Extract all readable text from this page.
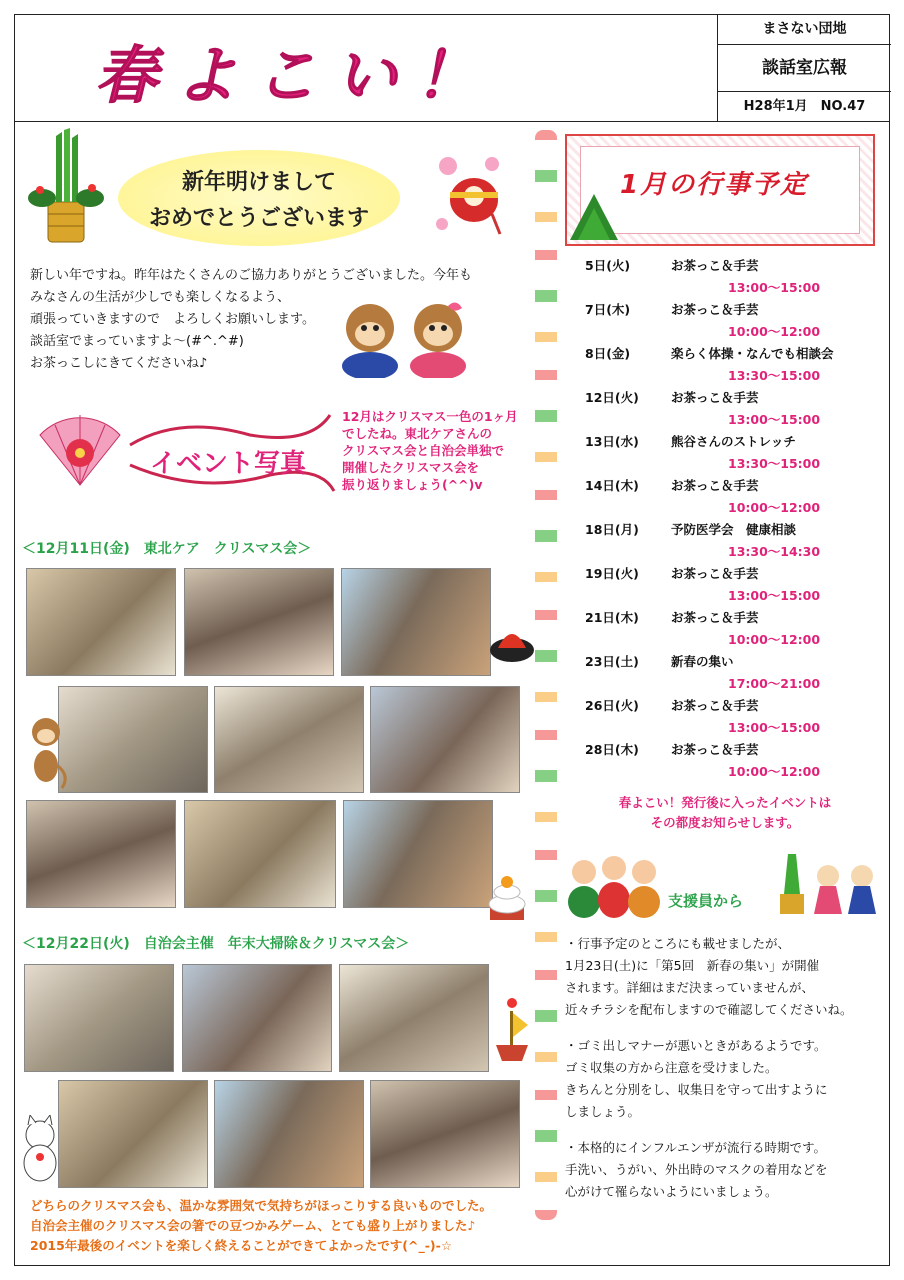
春よこい！
まさない団地
談話室広報
H28年1月　NO.47
新年明けまして
おめでとうございます
新しい年ですね。昨年はたくさんのご協力ありがとうございました。今年も
みなさんの生活が少しでも楽しくなるよう、
頑張っていきますので　よろしくお願いします。
談話室でまっていますよ～(#^.^#)
お茶っこしにきてくださいね♪
イベント写真
12月はクリスマス一色の1ヶ月
でしたね。東北ケアさんの
クリスマス会と自治会単独で
開催したクリスマス会を
振り返りましょう(^^)v
＜12月11日(金)　東北ケア　クリスマス会＞
＜12月22日(火)　自治会主催　年末大掃除＆クリスマス会＞
どちらのクリスマス会も、温かな雰囲気で気持ちがほっこりする良いものでした。
自治会主催のクリスマス会の箸での豆つかみゲーム、とても盛り上がりました♪
2015年最後のイベントを楽しく終えることができてよかったです(^_-)-☆
1月の行事予定
5日(火)	お茶っこ＆手芸
13:00～15:00
7日(木)	お茶っこ＆手芸
10:00～12:00
8日(金)	楽らく体操・なんでも相談会
13:30～15:00
12日(火)	お茶っこ＆手芸
13:00～15:00
13日(水)	熊谷さんのストレッチ
13:30～15:00
14日(木)	お茶っこ＆手芸
10:00～12:00
18日(月)	予防医学会　健康相談
13:30～14:30
19日(火)	お茶っこ＆手芸
13:00～15:00
21日(木)	お茶っこ＆手芸
10:00～12:00
23日(土)	新春の集い
17:00～21:00
26日(火)	お茶っこ＆手芸
13:00～15:00
28日(木)	お茶っこ＆手芸
10:00～12:00
春よこい！発行後に入ったイベントは
その都度お知らせします。
支援員から
・行事予定のところにも載せましたが、
1月23日(土)に「第5回　新春の集い」が開催
されます。詳細はまだ決まっていませんが、
近々チラシを配布しますので確認してくださいね。
・ゴミ出しマナーが悪いときがあるようです。
ゴミ収集の方から注意を受けました。
きちんと分別をし、収集日を守って出すように
しましょう。
・本格的にインフルエンザが流行る時期です。
手洗い、うがい、外出時のマスクの着用などを
心がけて罹らないようにいましょう。
